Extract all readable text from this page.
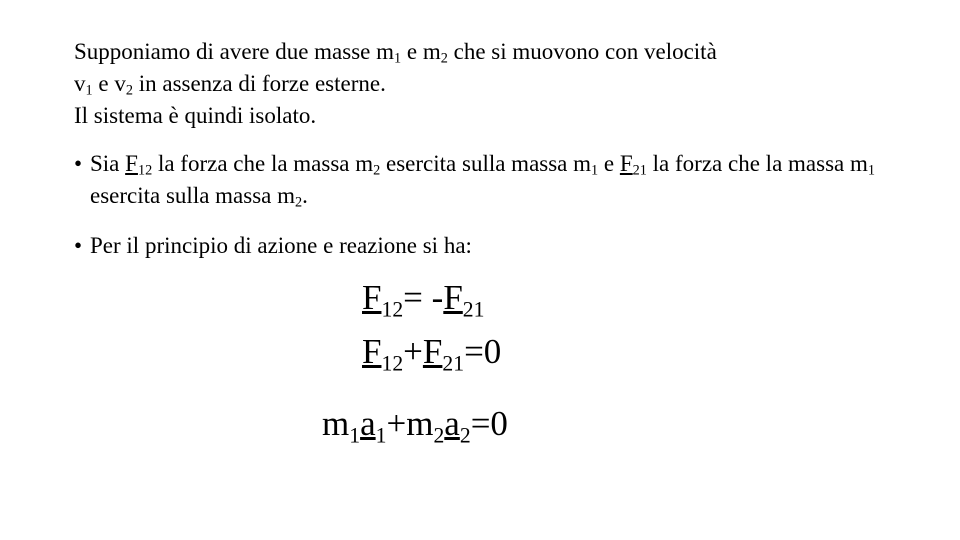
Supponiamo di avere due masse $m_1$ e $m_2$ che si muovono con velocità
$v_1$ e $v_2$ in assenza di forze esterne.
Il sistema è quindi isolato.
• Sia $F_{12}$ la forza che la massa $m_2$ esercita sulla massa $m_1$ e $F_{21}$ la forza che la massa $m_1$ esercita sulla massa $m_2$.
• Per il principio di azione e reazione si ha:
$F_{12}= -F_{21}$
$F_{12}+F_{21}=0$
$m_1a_1+m_2a_2=0$
